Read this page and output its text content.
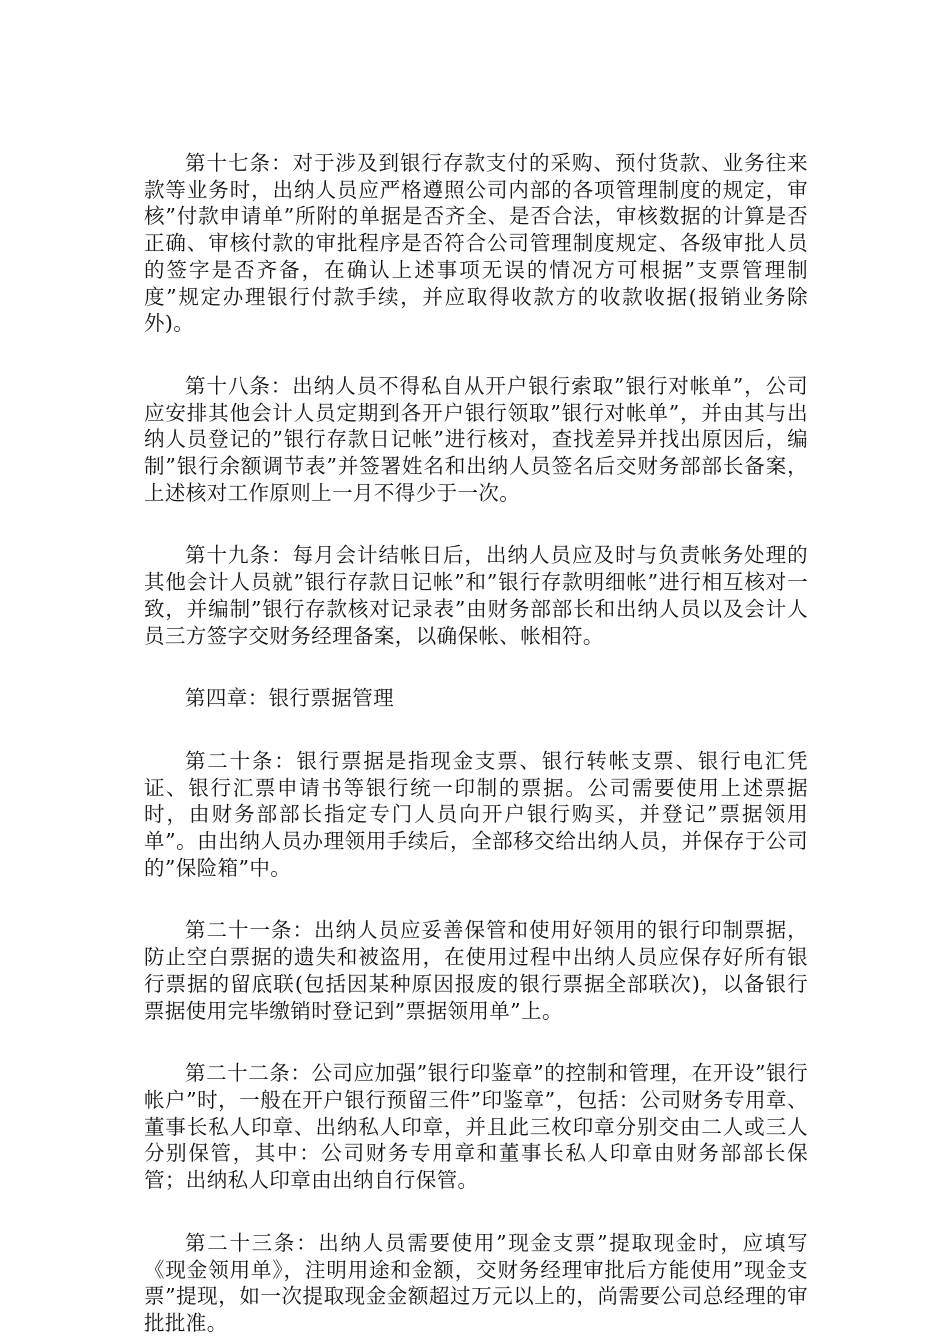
第十七条：对于涉及到银行存款支付的采购、预付货款、业务往来款等业务时，出纳人员应严格遵照公司内部的各项管理制度的规定，审核”付款申请单”所附的单据是否齐全、是否合法，审核数据的计算是否正确、审核付款的审批程序是否符合公司管理制度规定、各级审批人员的签字是否齐备，在确认上述事项无误的情况方可根据”支票管理制度”规定办理银行付款手续，并应取得收款方的收款收据(报销业务除外)。

第十八条：出纳人员不得私自从开户银行索取”银行对帐单”，公司应安排其他会计人员定期到各开户银行领取”银行对帐单”，并由其与出纳人员登记的”银行存款日记帐”进行核对，查找差异并找出原因后，编制”银行余额调节表”并签署姓名和出纳人员签名后交财务部部长备案，上述核对工作原则上一月不得少于一次。

第十九条：每月会计结帐日后，出纳人员应及时与负责帐务处理的其他会计人员就”银行存款日记帐”和”银行存款明细帐”进行相互核对一致，并编制”银行存款核对记录表”由财务部部长和出纳人员以及会计人员三方签字交财务经理备案，以确保帐、帐相符。

第四章：银行票据管理

第二十条：银行票据是指现金支票、银行转帐支票、银行电汇凭证、银行汇票申请书等银行统一印制的票据。公司需要使用上述票据时，由财务部部长指定专门人员向开户银行购买，并登记”票据领用单”。由出纳人员办理领用手续后，全部移交给出纳人员，并保存于公司的”保险箱”中。

第二十一条：出纳人员应妥善保管和使用好领用的银行印制票据，防止空白票据的遗失和被盗用，在使用过程中出纳人员应保存好所有银行票据的留底联(包括因某种原因报废的银行票据全部联次)，以备银行票据使用完毕缴销时登记到”票据领用单”上。

第二十二条：公司应加强”银行印鉴章”的控制和管理，在开设”银行帐户”时，一般在开户银行预留三件”印鉴章”，包括：公司财务专用章、董事长私人印章、出纳私人印章，并且此三枚印章分别交由二人或三人分别保管，其中：公司财务专用章和董事长私人印章由财务部部长保管；出纳私人印章由出纳自行保管。

第二十三条：出纳人员需要使用”现金支票”提取现金时，应填写《现金领用单》，注明用途和金额，交财务经理审批后方能使用”现金支票”提现，如一次提取现金金额超过万元以上的，尚需要公司总经理的审批批准。
